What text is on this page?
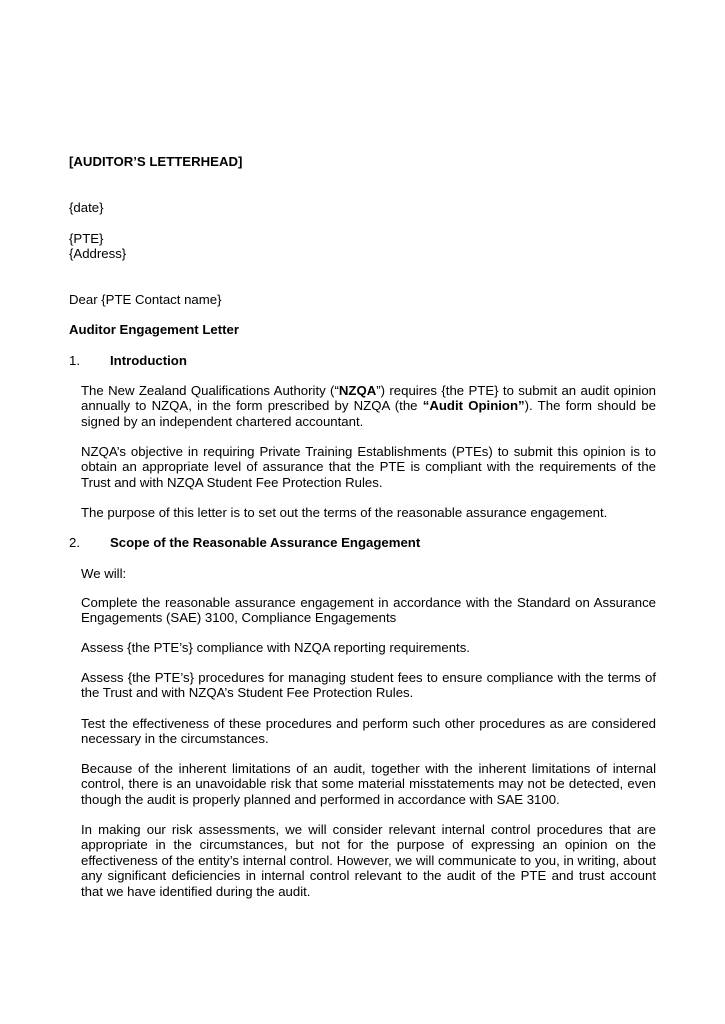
[AUDITOR’S LETTERHEAD]
{date}
{PTE}
{Address}
Dear {PTE Contact name}
Auditor Engagement Letter
1. Introduction

The New Zealand Qualifications Authority (“NZQA”) requires {the PTE} to submit an audit opinion annually to NZQA, in the form prescribed by NZQA (the “Audit Opinion”). The form should be signed by an independent chartered accountant.

NZQA’s objective in requiring Private Training Establishments (PTEs) to submit this opinion is to obtain an appropriate level of assurance that the PTE is compliant with the requirements of the Trust and with NZQA Student Fee Protection Rules.

The purpose of this letter is to set out the terms of the reasonable assurance engagement.

2. Scope of the Reasonable Assurance Engagement

We will:

Complete the reasonable assurance engagement in accordance with the Standard on Assurance Engagements (SAE) 3100, Compliance Engagements

Assess {the PTE’s} compliance with NZQA reporting requirements.

Assess {the PTE’s} procedures for managing student fees to ensure compliance with the terms of the Trust and with NZQA’s Student Fee Protection Rules.

Test the effectiveness of these procedures and perform such other procedures as are considered necessary in the circumstances.

Because of the inherent limitations of an audit, together with the inherent limitations of internal control, there is an unavoidable risk that some material misstatements may not be detected, even though the audit is properly planned and performed in accordance with SAE 3100.

In making our risk assessments, we will consider relevant internal control procedures that are appropriate in the circumstances, but not for the purpose of expressing an opinion on the effectiveness of the entity’s internal control. However, we will communicate to you, in writing, about any significant deficiencies in internal control relevant to the audit of the PTE and trust account that we have identified during the audit.
